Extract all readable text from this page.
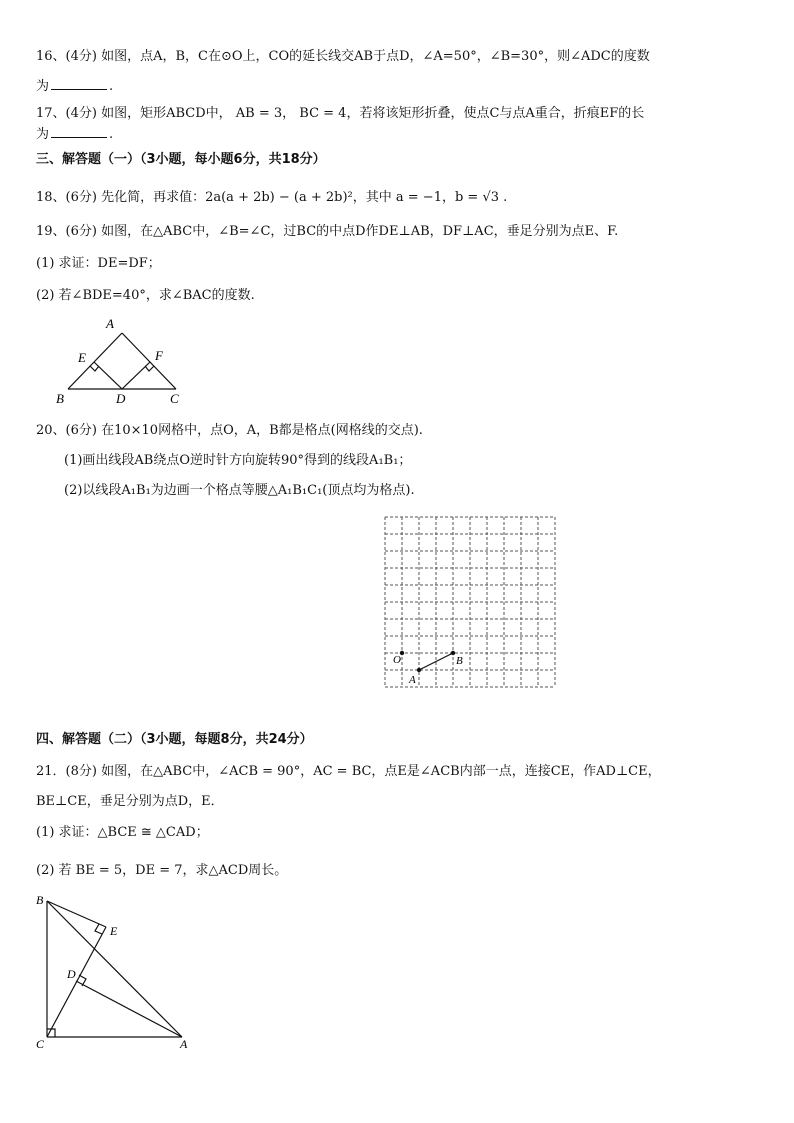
16、(4分) 如图，点A，B，C在⊙O上，CO的延长线交AB于点D，∠A=50°，∠B=30°，则∠ADC的度数
为	.
17、(4分) 如图，矩形ABCD中， AB = 3， BC = 4，若将该矩形折叠，使点C与点A重合，折痕EF的长
为	.
三、解答题（一）（3小题，每小题6分，共18分）
18、(6分) 先化简，再求值：2a(a + 2b) − (a + 2b)²，其中 a = −1，b = √3 .
19、(6分) 如图，在△ABC中，∠B=∠C，过BC的中点D作DE⊥AB，DF⊥AC，垂足分别为点E、F.
(1) 求证：DE=DF；
(2) 若∠BDE=40°，求∠BAC的度数.
A
B	C
D
E	F
20、(6分) 在10×10网格中，点O，A，B都是格点(网格线的交点).
(1)画出线段AB绕点O逆时针方向旋转90°得到的线段A₁B₁；
(2)以线段A₁B₁为边画一个格点等腰△A₁B₁C₁(顶点均为格点).
O
A
B
四、解答题（二）（3小题，每题8分，共24分）
21．(8分) 如图，在△ABC中，∠ACB = 90°，AC = BC，点E是∠ACB内部一点，连接CE，作AD⊥CE，
BE⊥CE，垂足分别为点D，E．
(1) 求证：△BCE ≅ △CAD；
(2) 若 BE = 5，DE = 7，求△ACD周长。
B
E
D
C	A
